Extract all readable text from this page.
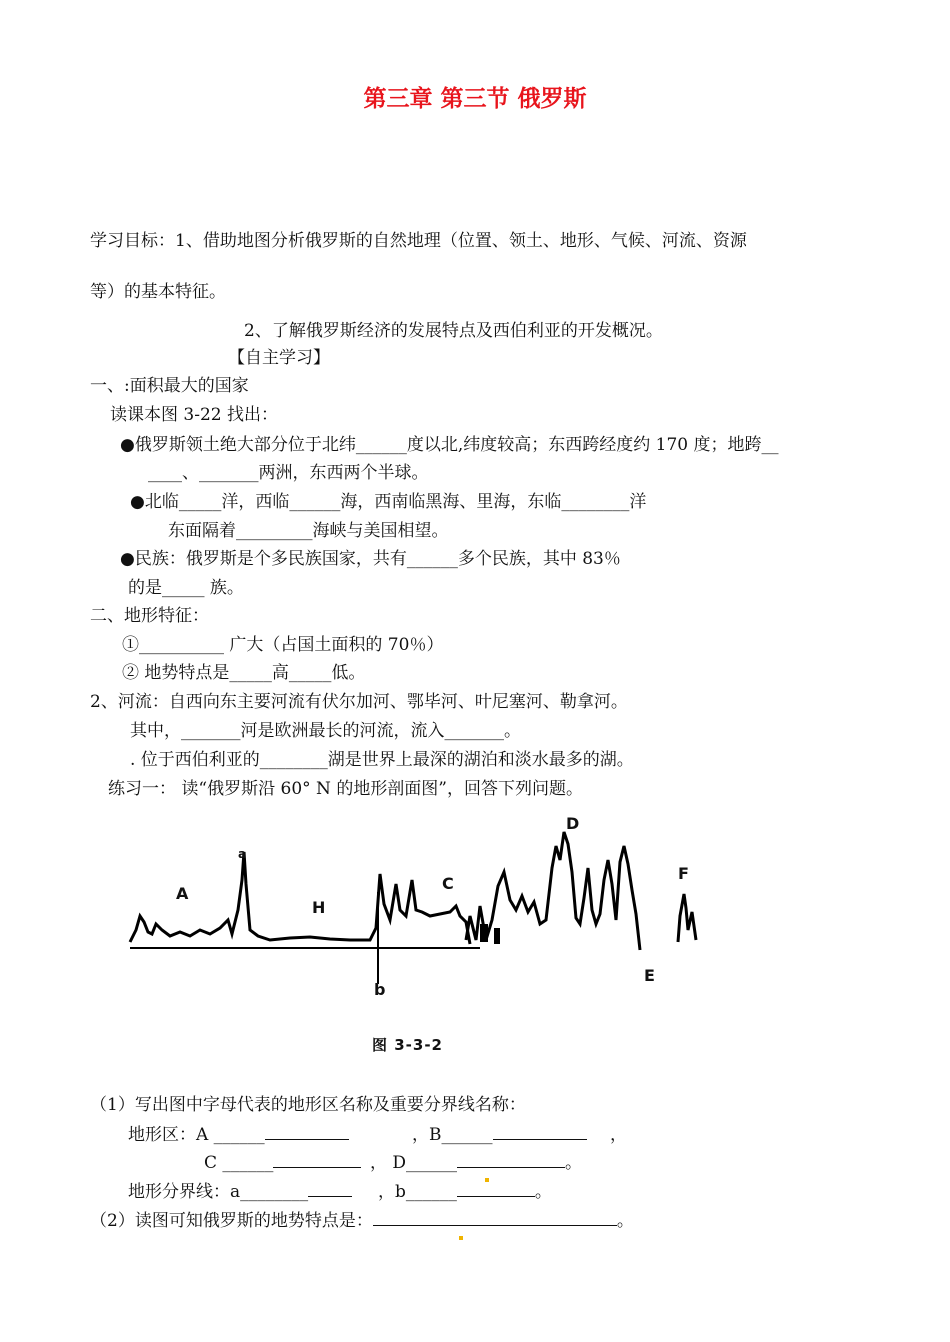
第三章 第三节 俄罗斯
学习目标：1、借助地图分析俄罗斯的自然地理（位置、领土、地形、气候、河流、资源
等）的基本特征。
2、了解俄罗斯经济的发展特点及西伯利亚的开发概况。
【自主学习】
一、:面积最大的国家
读课本图 3-22 找出：
●俄罗斯领土绝大部分位于北纬______度以北,纬度较高；东西跨经度约 170 度；地跨__
____、_______两洲，东西两个半球。
●北临_____洋，西临______海，西南临黑海、里海，东临________洋
东面隔着_________海峡与美国相望。
●民族：俄罗斯是个多民族国家，共有______多个民族，其中 83％
的是_____ 族。
二、地形特征：
①__________ 广大（占国土面积的 70％）
② 地势特点是_____高_____低。
2、河流：自西向东主要河流有伏尔加河、鄂毕河、叶尼塞河、勒拿河。
其中，_______河是欧洲最长的河流，流入_______。
. 位于西伯利亚的________湖是世界上最深的湖泊和淡水最多的湖。
练习一： 读“俄罗斯沿 60° N 的地形剖面图”，回答下列问题。
A
a
H
C
D
F
b
E
图 3-3-2
（1）写出图中字母代表的地形区名称及重要分界线名称：
地形区：A ______	，B______	，
C ______	， D______	。
地形分界线：a________	，b______	。
（2）读图可知俄罗斯的地势特点是：	。
